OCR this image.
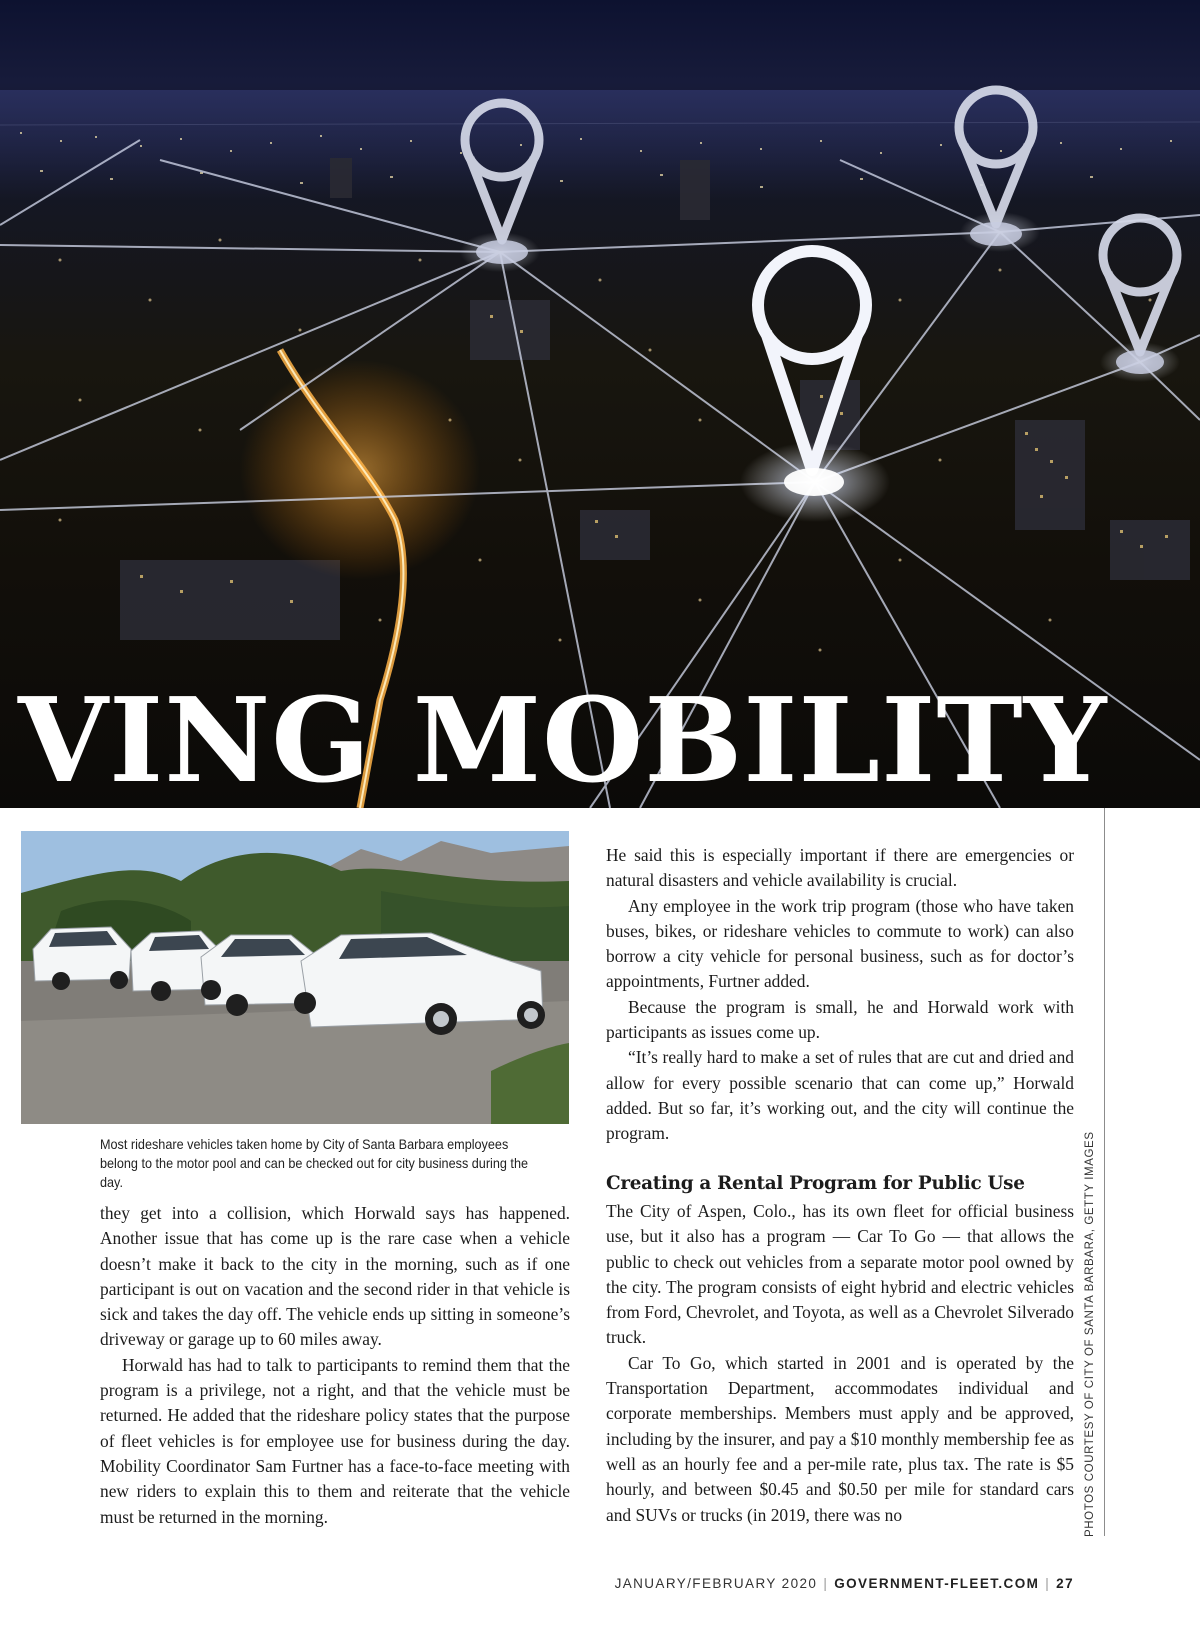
VING MOBILITY

Most rideshare vehicles taken home by City of Santa Barbara employees belong to the motor pool and can be checked out for city business during the day.

they get into a collision, which Horwald says has happened. Another issue that has come up is the rare case when a vehicle doesn’t make it back to the city in the morning, such as if one participant is out on vacation and the second rider in that vehicle is sick and takes the day off. The vehicle ends up sitting in someone’s driveway or garage up to 60 miles away.

Horwald has had to talk to participants to remind them that the program is a privilege, not a right, and that the vehicle must be returned. He added that the rideshare policy states that the purpose of fleet vehicles is for employee use for business during the day. Mobility Coordinator Sam Furtner has a face-to-face meeting with new riders to explain this to them and reiterate that the vehicle must be returned in the morning.

He said this is especially important if there are emergencies or natural disasters and vehicle availability is crucial.

Any employee in the work trip program (those who have taken buses, bikes, or rideshare vehicles to commute to work) can also borrow a city vehicle for personal business, such as for doctor’s appointments, Furtner added.

Because the program is small, he and Horwald work with participants as issues come up.

“It’s really hard to make a set of rules that are cut and dried and allow for every possible scenario that can come up,” Horwald added. But so far, it’s working out, and the city will continue the program.

Creating a Rental Program for Public Use

The City of Aspen, Colo., has its own fleet for official business use, but it also has a program — Car To Go — that allows the public to check out vehicles from a separate motor pool owned by the city. The program consists of eight hybrid and electric vehicles from Ford, Chevrolet, and Toyota, as well as a Chevrolet Silverado truck.

Car To Go, which started in 2001 and is operated by the Transportation Department, accommodates individual and corporate memberships. Members must apply and be approved, including by the insurer, and pay a $10 monthly membership fee as well as an hourly fee and a per-mile rate, plus tax. The rate is $5 hourly, and between $0.45 and $0.50 per mile for standard cars and SUVs or trucks (in 2019, there was no	PHOTOS COURTESY OF CITY OF SANTA BARBARA, GETTY IMAGES
JANUARY/FEBRUARY 2020 | GOVERNMENT-FLEET.COM | 27
